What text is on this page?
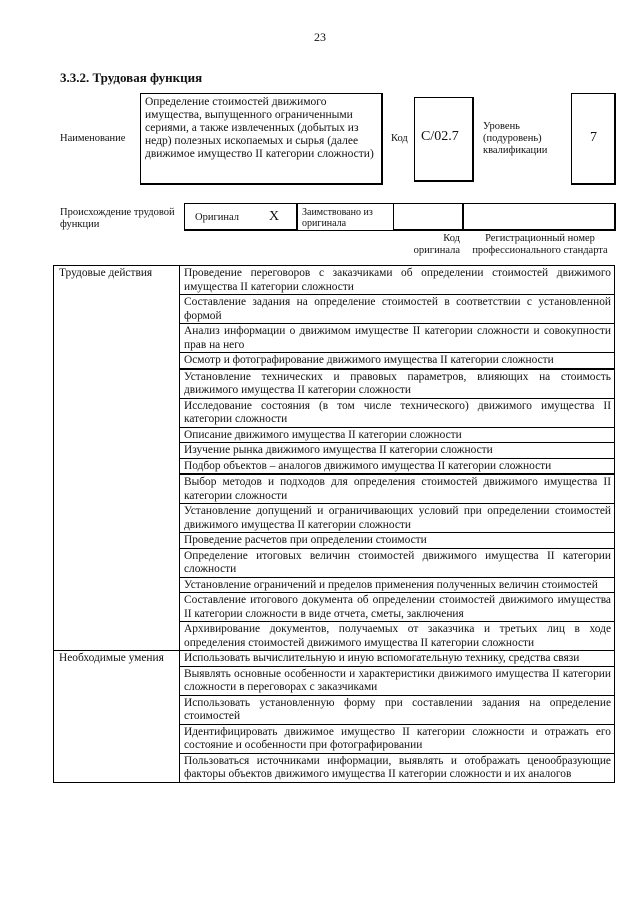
23
3.3.2. Трудовая функция
Наименование
Определение стоимостей движимого имущества, выпущенного ограниченными сериями, а также извлеченных (добытых из недр) полезных ископаемых и сырья (далее движимое имущество II категории сложности)
Код C/02.7
Уровень (подуровень) квалификации
7
Происхождение трудовой функции
Оригинал X Заимствовано из оригинала
Код оригинала
Регистрационный номер профессионального стандарта
Трудовые действия	Проведение переговоров с заказчиками об определении стоимостей движимого имущества II категории сложности
	Составление задания на определение стоимостей в соответствии с установленной формой
	Анализ информации о движимом имуществе II категории сложности и совокупности прав на него
	Осмотр и фотографирование движимого имущества II категории сложности
	Установление технических и правовых параметров, влияющих на стоимость движимого имущества II категории сложности
	Исследование состояния (в том числе технического) движимого имущества II категории сложности
	Описание движимого имущества II категории сложности
	Изучение рынка движимого имущества II категории сложности
	Подбор объектов – аналогов движимого имущества II категории сложности
	Выбор методов и подходов для определения стоимостей движимого имущества II категории сложности
	Установление допущений и ограничивающих условий при определении стоимостей движимого имущества II категории сложности
	Проведение расчетов при определении стоимости
	Определение итоговых величин стоимостей движимого имущества II категории сложности
	Установление ограничений и пределов применения полученных величин стоимостей
	Составление итогового документа об определении стоимостей движимого имущества II категории сложности в виде отчета, сметы, заключения
	Архивирование документов, получаемых от заказчика и третьих лиц в ходе определения стоимостей движимого имущества II категории сложности
Необходимые умения	Использовать вычислительную и иную вспомогательную технику, средства связи
	Выявлять основные особенности и характеристики движимого имущества II категории сложности в переговорах с заказчиками
	Использовать установленную форму при составлении задания на определение стоимостей
	Идентифицировать движимое имущество II категории сложности и отражать его состояние и особенности при фотографировании
	Пользоваться источниками информации, выявлять и отображать ценообразующие факторы объектов движимого имущества II категории сложности и их аналогов
